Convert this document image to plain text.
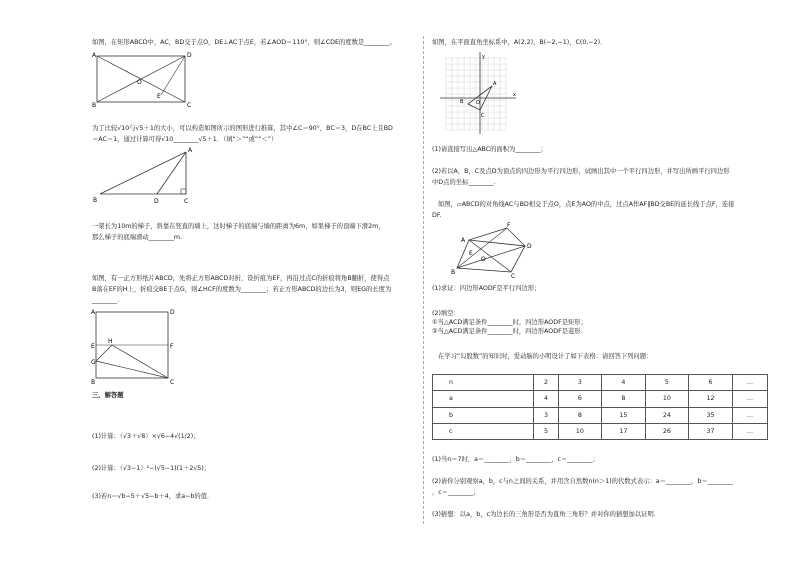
如图，在矩形ABCD中，AC，BD交于点O，DE⊥AC于点E，若∠AOD＝110°，则∠CDE的度数是________。
A
B	C
D
O
E
为了比较√10与√5＋1的大小，可以构造如图所示的图形进行推算，其中∠C＝90°，BC＝3，D在BC上且BD
＝AC＝1，通过计算可得√10________√5＋1．（填“＞”“或”“＜”）
A
B	D	C
一架长为10m的梯子，斜靠在竖直的墙上，这时梯子的底端与墙的距离为6m，如果梯子的顶端下滑2m，
那么梯子的底端滑动________m.
如图，有一正方形纸片ABCD，先将正方形ABCD对折，设折痕为EF，再沿过点C的折痕将角B翻折，使得点
B落在EF的H上，折痕交BE于点G，则∠HCF的度数为________；若正方形ABCD的边长为3，则EG的长度为
________.
A	D
E
H
F
G
B	C
三、解答题
(1)计算：（√3＋√8）×√6−4√(1/2)；
(2)计算：（√3−1）²−(√5−1)(1＋2√5)；
(3)若n＝√b−5＋√5−b＋4，求a−b的值.
如图，在平面直角坐标系中，A(2,2)，B(−2,−1)，C(0,−2)．
y
x
O
A
B
C
(1)请直接写出△ABC的面积为________；
(2)若以A，B，C及点D为顶点的四边形为平行四边形，试画出其中一个平行四边形，并写出所画平行四边形
中D点的坐标________.
如图，▱ABCD的对角线AC与BD相交于点O，点E为AO的中点，过点A作AF∥BD交BE的延长线于点F，连接
DF.
A
F
D
E
O
B
C
(1)求证：四边形AODF是平行四边形；
(2)填空：
①当△ACD满足条件________时，四边形AODF是矩形；
②当△ACD满足条件________时，四边形AODF是菱形.
在学习“勾股数”的知识时，爱动脑的小明设计了如下表格：请回答下列问题：
n	2	3	4	5	6	…
a	4	6	8	10	12	…
b	3	8	15	24	35	…
c	5	10	17	26	37	…
(1)当n＝7时，a＝________，b＝________，c＝________；
(2)请你分别观察a，b，c与n之间的关系，并用含自然数n(n＞1)的代数式表示：a＝________，b＝________
，c＝________；
(3)猜想：以a，b，c为边长的三角形是否为直角三角形？并对你的猜想加以证明.
